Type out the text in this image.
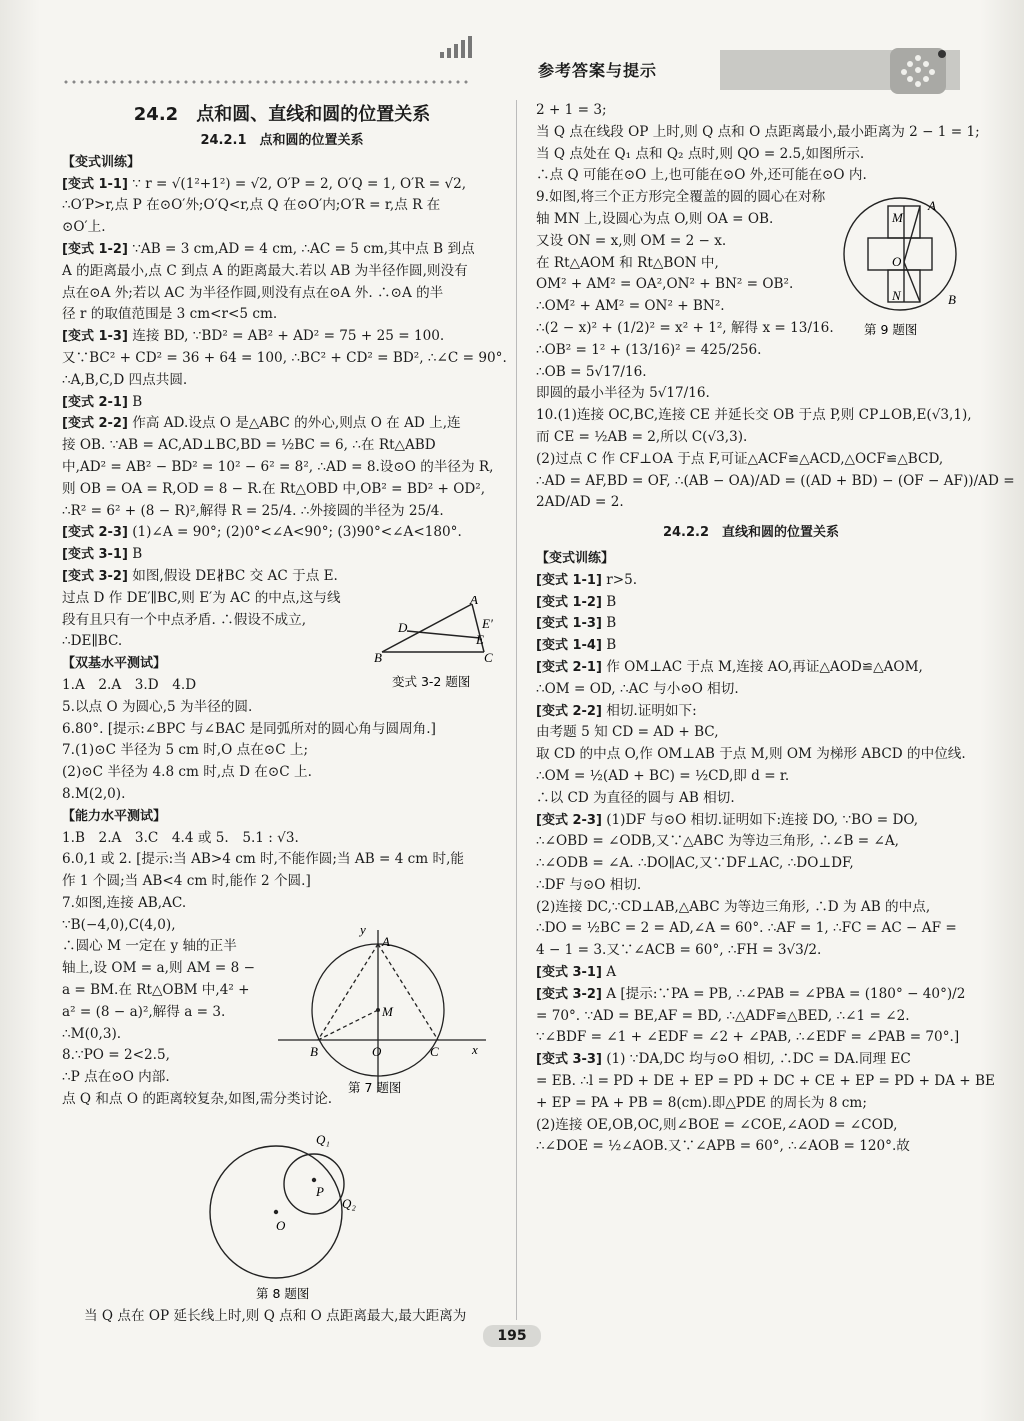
参考答案与提示

24.2　点和圆、直线和圆的位置关系

24.2.1　点和圆的位置关系

【变式训练】

[变式 1-1] ∵ r = √(1²+1²) = √2, O′P = 2, O′Q = 1, O′R = √2,

∴O′P>r,点 P 在⊙O′外;O′Q<r,点 Q 在⊙O′内;O′R = r,点 R 在

⊙O′上.

[变式 1-2] ∵AB = 3 cm,AD = 4 cm, ∴AC = 5 cm,其中点 B 到点

A 的距离最小,点 C 到点 A 的距离最大.若以 AB 为半径作圆,则没有

点在⊙A 外;若以 AC 为半径作圆,则没有点在⊙A 外. ∴⊙A 的半

径 r 的取值范围是 3 cm<r<5 cm.

[变式 1-3] 连接 BD, ∵BD² = AB² + AD² = 75 + 25 = 100.

又∵BC² + CD² = 36 + 64 = 100, ∴BC² + CD² = BD², ∴∠C = 90°.

∴A,B,C,D 四点共圆.

[变式 2-1] B

[变式 2-2] 作高 AD.设点 O 是△ABC 的外心,则点 O 在 AD 上,连

接 OB. ∵AB = AC,AD⊥BC,BD = ½BC = 6, ∴在 Rt△ABD

中,AD² = AB² − BD² = 10² − 6² = 8², ∴AD = 8.设⊙O 的半径为 R,

则 OB = OA = R,OD = 8 − R.在 Rt△OBD 中,OB² = BD² + OD²,

∴R² = 6² + (8 − R)²,解得 R = 25/4. ∴外接圆的半径为 25/4.

[变式 2-3] (1)∠A = 90°; (2)0°<∠A<90°; (3)90°<∠A<180°.

[变式 3-1] B

[变式 3-2] 如图,假设 DE∦BC 交 AC 于点 E.

过点 D 作 DE′∥BC,则 E′为 AC 的中点,这与线

段有且只有一个中点矛盾. ∴假设不成立,

∴DE∥BC.

【双基水平测试】

1.A　2.A　3.D　4.D

5.以点 O 为圆心,5 为半径的圆.

6.80°. [提示:∠BPC 与∠BAC 是同弧所对的圆心角与圆周角.]

7.(1)⊙C 半径为 5 cm 时,O 点在⊙C 上;

(2)⊙C 半径为 4.8 cm 时,点 D 在⊙C 上.

8.M(2,0).

【能力水平测试】

1.B　2.A　3.C　4.4 或 5.　5.1 : √3.

6.0,1 或 2. [提示:当 AB>4 cm 时,不能作圆;当 AB = 4 cm 时,能

作 1 个圆;当 AB<4 cm 时,能作 2 个圆.]

7.如图,连接 AB,AC.

∵B(−4,0),C(4,0),

∴圆心 M 一定在 y 轴的正半

轴上,设 OM = a,则 AM = 8 −

a = BM.在 Rt△OBM 中,4² +

a² = (8 − a)²,解得 a = 3.

∴M(0,3).

8.∵PO = 2<2.5,

∴P 点在⊙O 内部.

点 Q 和点 O 的距离较复杂,如图,需分类讨论.

当 Q 点在 OP 延长线上时,则 Q 点和 O 点距离最大,最大距离为

2 + 1 = 3;

当 Q 点在线段 OP 上时,则 Q 点和 O 点距离最小,最小距离为 2 − 1 = 1;

当 Q 点处在 Q₁ 点和 Q₂ 点时,则 QO = 2.5,如图所示.

∴点 Q 可能在⊙O 上,也可能在⊙O 外,还可能在⊙O 内.

9.如图,将三个正方形完全覆盖的圆的圆心在对称

轴 MN 上,设圆心为点 O,则 OA = OB.

又设 ON = x,则 OM = 2 − x.

在 Rt△AOM 和 Rt△BON 中,

OM² + AM² = OA²,ON² + BN² = OB².

∴OM² + AM² = ON² + BN².

∴(2 − x)² + (1/2)² = x² + 1², 解得 x = 13/16.

∴OB² = 1² + (13/16)² = 425/256.

∴OB = 5√17/16.

即圆的最小半径为 5√17/16.

10.(1)连接 OC,BC,连接 CE 并延长交 OB 于点 P,则 CP⊥OB,E(√3,1),

而 CE = ½AB = 2,所以 C(√3,3).

(2)过点 C 作 CF⊥OA 于点 F,可证△ACF≌△ACD,△OCF≌△BCD,

∴AD = AF,BD = OF, ∴(AB − OA)/AD = ((AD + BD) − (OF − AF))/AD =

2AD/AD = 2.

24.2.2　直线和圆的位置关系

【变式训练】

[变式 1-1] r>5.

[变式 1-2] B

[变式 1-3] B

[变式 1-4] B

[变式 2-1] 作 OM⊥AC 于点 M,连接 AO,再证△AOD≌△AOM,

∴OM = OD, ∴AC 与小⊙O 相切.

[变式 2-2] 相切.证明如下:

由考题 5 知 CD = AD + BC,

取 CD 的中点 O,作 OM⊥AB 于点 M,则 OM 为梯形 ABCD 的中位线.

∴OM = ½(AD + BC) = ½CD,即 d = r.

∴以 CD 为直径的圆与 AB 相切.

[变式 2-3] (1)DF 与⊙O 相切.证明如下:连接 DO, ∵BO = DO,

∴∠OBD = ∠ODB,又∵△ABC 为等边三角形, ∴∠B = ∠A,

∴∠ODB = ∠A. ∴DO∥AC,又∵DF⊥AC, ∴DO⊥DF,

∴DF 与⊙O 相切.

(2)连接 DC,∵CD⊥AB,△ABC 为等边三角形, ∴D 为 AB 的中点,

∴DO = ½BC = 2 = AD,∠A = 60°. ∴AF = 1, ∴FC = AC − AF =

4 − 1 = 3.又∵∠ACB = 60°, ∴FH = 3√3/2.

[变式 3-1] A

[变式 3-2] A [提示:∵PA = PB, ∴∠PAB = ∠PBA = (180° − 40°)/2

= 70°. ∵AD = BE,AF = BD, ∴△ADF≌△BED, ∴∠1 = ∠2.

∵∠BDF = ∠1 + ∠EDF = ∠2 + ∠PAB, ∴∠EDF = ∠PAB = 70°.]

[变式 3-3] (1) ∵DA,DC 均与⊙O 相切, ∴DC = DA.同理 EC

= EB. ∴l = PD + DE + EP = PD + DC + CE + EP = PD + DA + BE

+ EP = PA + PB = 8(cm).即△PDE 的周长为 8 cm;

(2)连接 OE,OB,OC,则∠BOE = ∠COE,∠AOD = ∠COD,

∴∠DOE = ½∠AOB.又∵∠APB = 60°, ∴∠AOB = 120°.故

A
D	E′
E
B	C
变式 3-2 题图
y
A
M
B	O	C	x
第 7 题图
Q₁
P
Q₂
O
第 8 题图
M
A
O
N	B
第 9 题图
195
